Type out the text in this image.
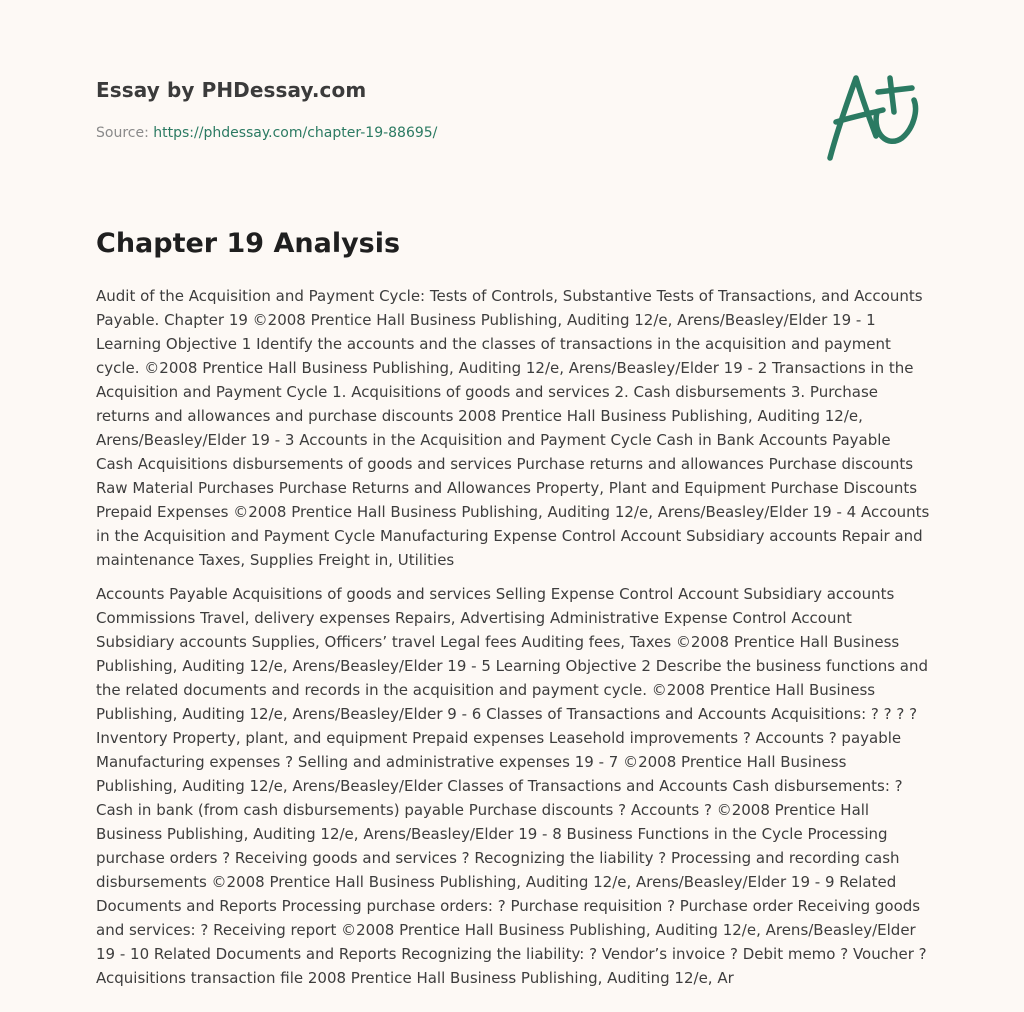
Essay by PHDessay.com

Source: https://phdessay.com/chapter-19-88695/

Chapter 19 Analysis

Audit of the Acquisition and Payment Cycle: Tests of Controls, Substantive Tests of Transactions, and Accounts Payable. Chapter 19 ©2008 Prentice Hall Business Publishing, Auditing 12/e, Arens/Beasley/Elder 19 - 1 Learning Objective 1 Identify the accounts and the classes of transactions in the acquisition and payment cycle. ©2008 Prentice Hall Business Publishing, Auditing 12/e, Arens/Beasley/Elder 19 - 2 Transactions in the Acquisition and Payment Cycle 1. Acquisitions of goods and services 2. Cash disbursements 3. Purchase returns and allowances and purchase discounts 2008 Prentice Hall Business Publishing, Auditing 12/e, Arens/Beasley/Elder 19 - 3 Accounts in the Acquisition and Payment Cycle Cash in Bank Accounts Payable Cash Acquisitions disbursements of goods and services Purchase returns and allowances Purchase discounts Raw Material Purchases Purchase Returns and Allowances Property, Plant and Equipment Purchase Discounts Prepaid Expenses ©2008 Prentice Hall Business Publishing, Auditing 12/e, Arens/Beasley/Elder 19 - 4 Accounts in the Acquisition and Payment Cycle Manufacturing Expense Control Account Subsidiary accounts Repair and maintenance Taxes, Supplies Freight in, Utilities

Accounts Payable Acquisitions of goods and services Selling Expense Control Account Subsidiary accounts Commissions Travel, delivery expenses Repairs, Advertising Administrative Expense Control Account Subsidiary accounts Supplies, Officers’ travel Legal fees Auditing fees, Taxes ©2008 Prentice Hall Business Publishing, Auditing 12/e, Arens/Beasley/Elder 19 - 5 Learning Objective 2 Describe the business functions and the related documents and records in the acquisition and payment cycle. ©2008 Prentice Hall Business Publishing, Auditing 12/e, Arens/Beasley/Elder 9 - 6 Classes of Transactions and Accounts Acquisitions: ? ? ? ? Inventory Property, plant, and equipment Prepaid expenses Leasehold improvements ? Accounts ? payable Manufacturing expenses ? Selling and administrative expenses 19 - 7 ©2008 Prentice Hall Business Publishing, Auditing 12/e, Arens/Beasley/Elder Classes of Transactions and Accounts Cash disbursements: ? Cash in bank (from cash disbursements) payable Purchase discounts ? Accounts ? ©2008 Prentice Hall Business Publishing, Auditing 12/e, Arens/Beasley/Elder 19 - 8 Business Functions in the Cycle Processing purchase orders ? Receiving goods and services ? Recognizing the liability ? Processing and recording cash disbursements ©2008 Prentice Hall Business Publishing, Auditing 12/e, Arens/Beasley/Elder 19 - 9 Related Documents and Reports Processing purchase orders: ? Purchase requisition ? Purchase order Receiving goods and services: ? Receiving report ©2008 Prentice Hall Business Publishing, Auditing 12/e, Arens/Beasley/Elder 19 - 10 Related Documents and Reports Recognizing the liability: ? Vendor’s invoice ? Debit memo ? Voucher ? Acquisitions transaction file 2008 Prentice Hall Business Publishing, Auditing 12/e, Ar
